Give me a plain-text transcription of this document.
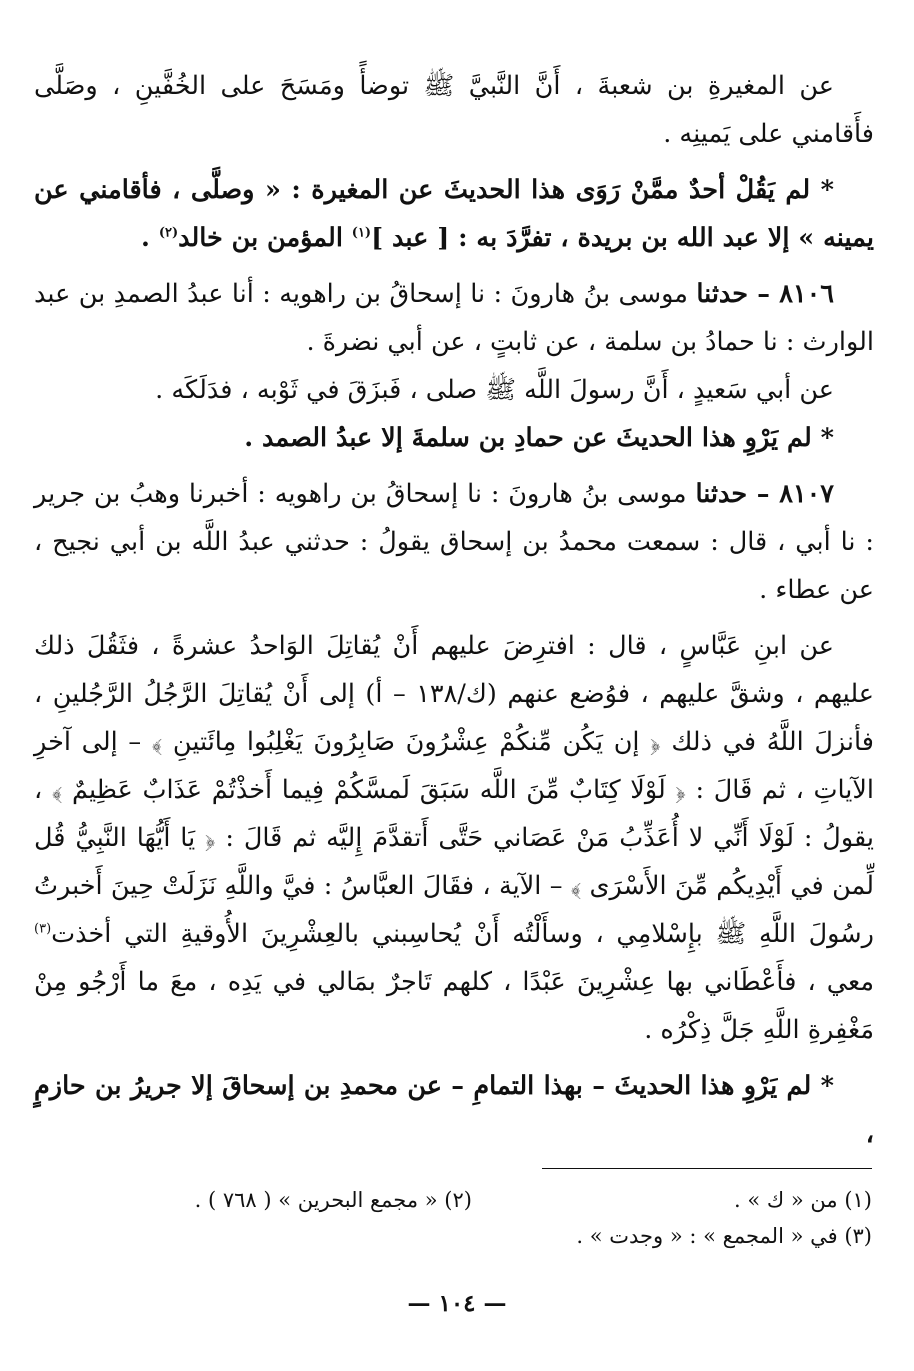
عن المغيرةِ بن شعبةَ ، أَنَّ النَّبيَّ ﷺ توضأً ومَسَحَ على الخُفَّينِ ، وصَلَّى فأَقامني على يَمينِه .

* لم يَقُلْ أحدٌ ممَّنْ رَوَى هذا الحديثَ عن المغيرة : « وصلَّى ، فأقامني عن يمينه » إلا عبد الله بن بريدة ، تفرَّدَ به : [ عبد ]$^{(١)}$ المؤمن بن خالد$^{(٢)}$ .

٨١٠٦ – حدثنا موسى بنُ هارونَ : نا إسحاقُ بن راهويه : أنا عبدُ الصمدِ بن عبد الوارث : نا حمادُ بن سلمة ، عن ثابتٍ ، عن أبي نضرةَ .

عن أبي سَعيدٍ ، أَنَّ رسولَ اللَّه ﷺ صلى ، فَبزَقَ في ثَوْبه ، فدَلَكَه .

* لم يَرْوِ هذا الحديثَ عن حمادِ بن سلمةَ إلا عبدُ الصمد .

٨١٠٧ – حدثنا موسى بنُ هارونَ : نا إسحاقُ بن راهويه : أخبرنا وهبُ بن جرير : نا أبي ، قال : سمعت محمدُ بن إسحاق يقولُ : حدثني عبدُ اللَّه بن أبي نجيح ، عن عطاء .

عن ابنِ عَبَّاسٍ ، قال : افترِضَ عليهم أَنْ يُقاتِلَ الوَاحدُ عشرةً ، فثَقُلَ ذلك عليهم ، وشقَّ عليهم ، فوُضع عنهم (ك/١٣٨ – أ) إلى أَنْ يُقاتِلَ الرَّجُلُ الرَّجُلينِ ، فأنزلَ اللَّهُ في ذلك ﴿ إن يَكُن مِّنكُمْ عِشْرُونَ صَابِرُونَ يَغْلِبُوا مِائَتينِ ﴾ – إلى آخرِ الآياتِ ، ثم قَالَ : ﴿ لَوْلَا كِتَابٌ مِّنَ اللَّه سَبَقَ لَمسَّكُمْ فِيما أَخذْتُمْ عَذَابٌ عَظِيمٌ ﴾ ، يقولُ : لَوْلَا أَنِّي لا أُعَذِّبُ مَنْ عَصَاني حَتَّى أَتقدَّمَ إِليَّه ثم قَالَ : ﴿ يَا أَيُّهَا النَّبِيُّ قُل لِّمن في أَيْدِيكُم مِّنَ الأَسْرَى ﴾ – الآية ، فقَالَ العبَّاسُ : فيَّ واللَّهِ نَزَلَتْ حِينَ أَخبرتُ رسُولَ اللَّهِ ﷺ بإِسْلامِي ، وسأَلْتُه أَنْ يُحاسِبني بالعِشْرِينَ الأُوقيةِ التي أخذت$^{(٣)}$ معي ، فأَعْطَاني بها عِشْرِينَ عَبْدًا ، كلهم تَاجرٌ بمَالي في يَدِه ، معَ ما أَرْجُو مِنْ مَغْفِرةِ اللَّهِ جَلَّ ذِكْرُه .

* لم يَرْوِ هذا الحديثَ – بهذا التمامِ – عن محمدِ بن إسحاقَ إلا جريرُ بن حازمٍ ،

(١) من « ك » .
(٢) « مجمع البحرين » ( ٧٦٨ ) .
(٣) في « المجمع » : « وجدت » .
— ١٠٤ —
